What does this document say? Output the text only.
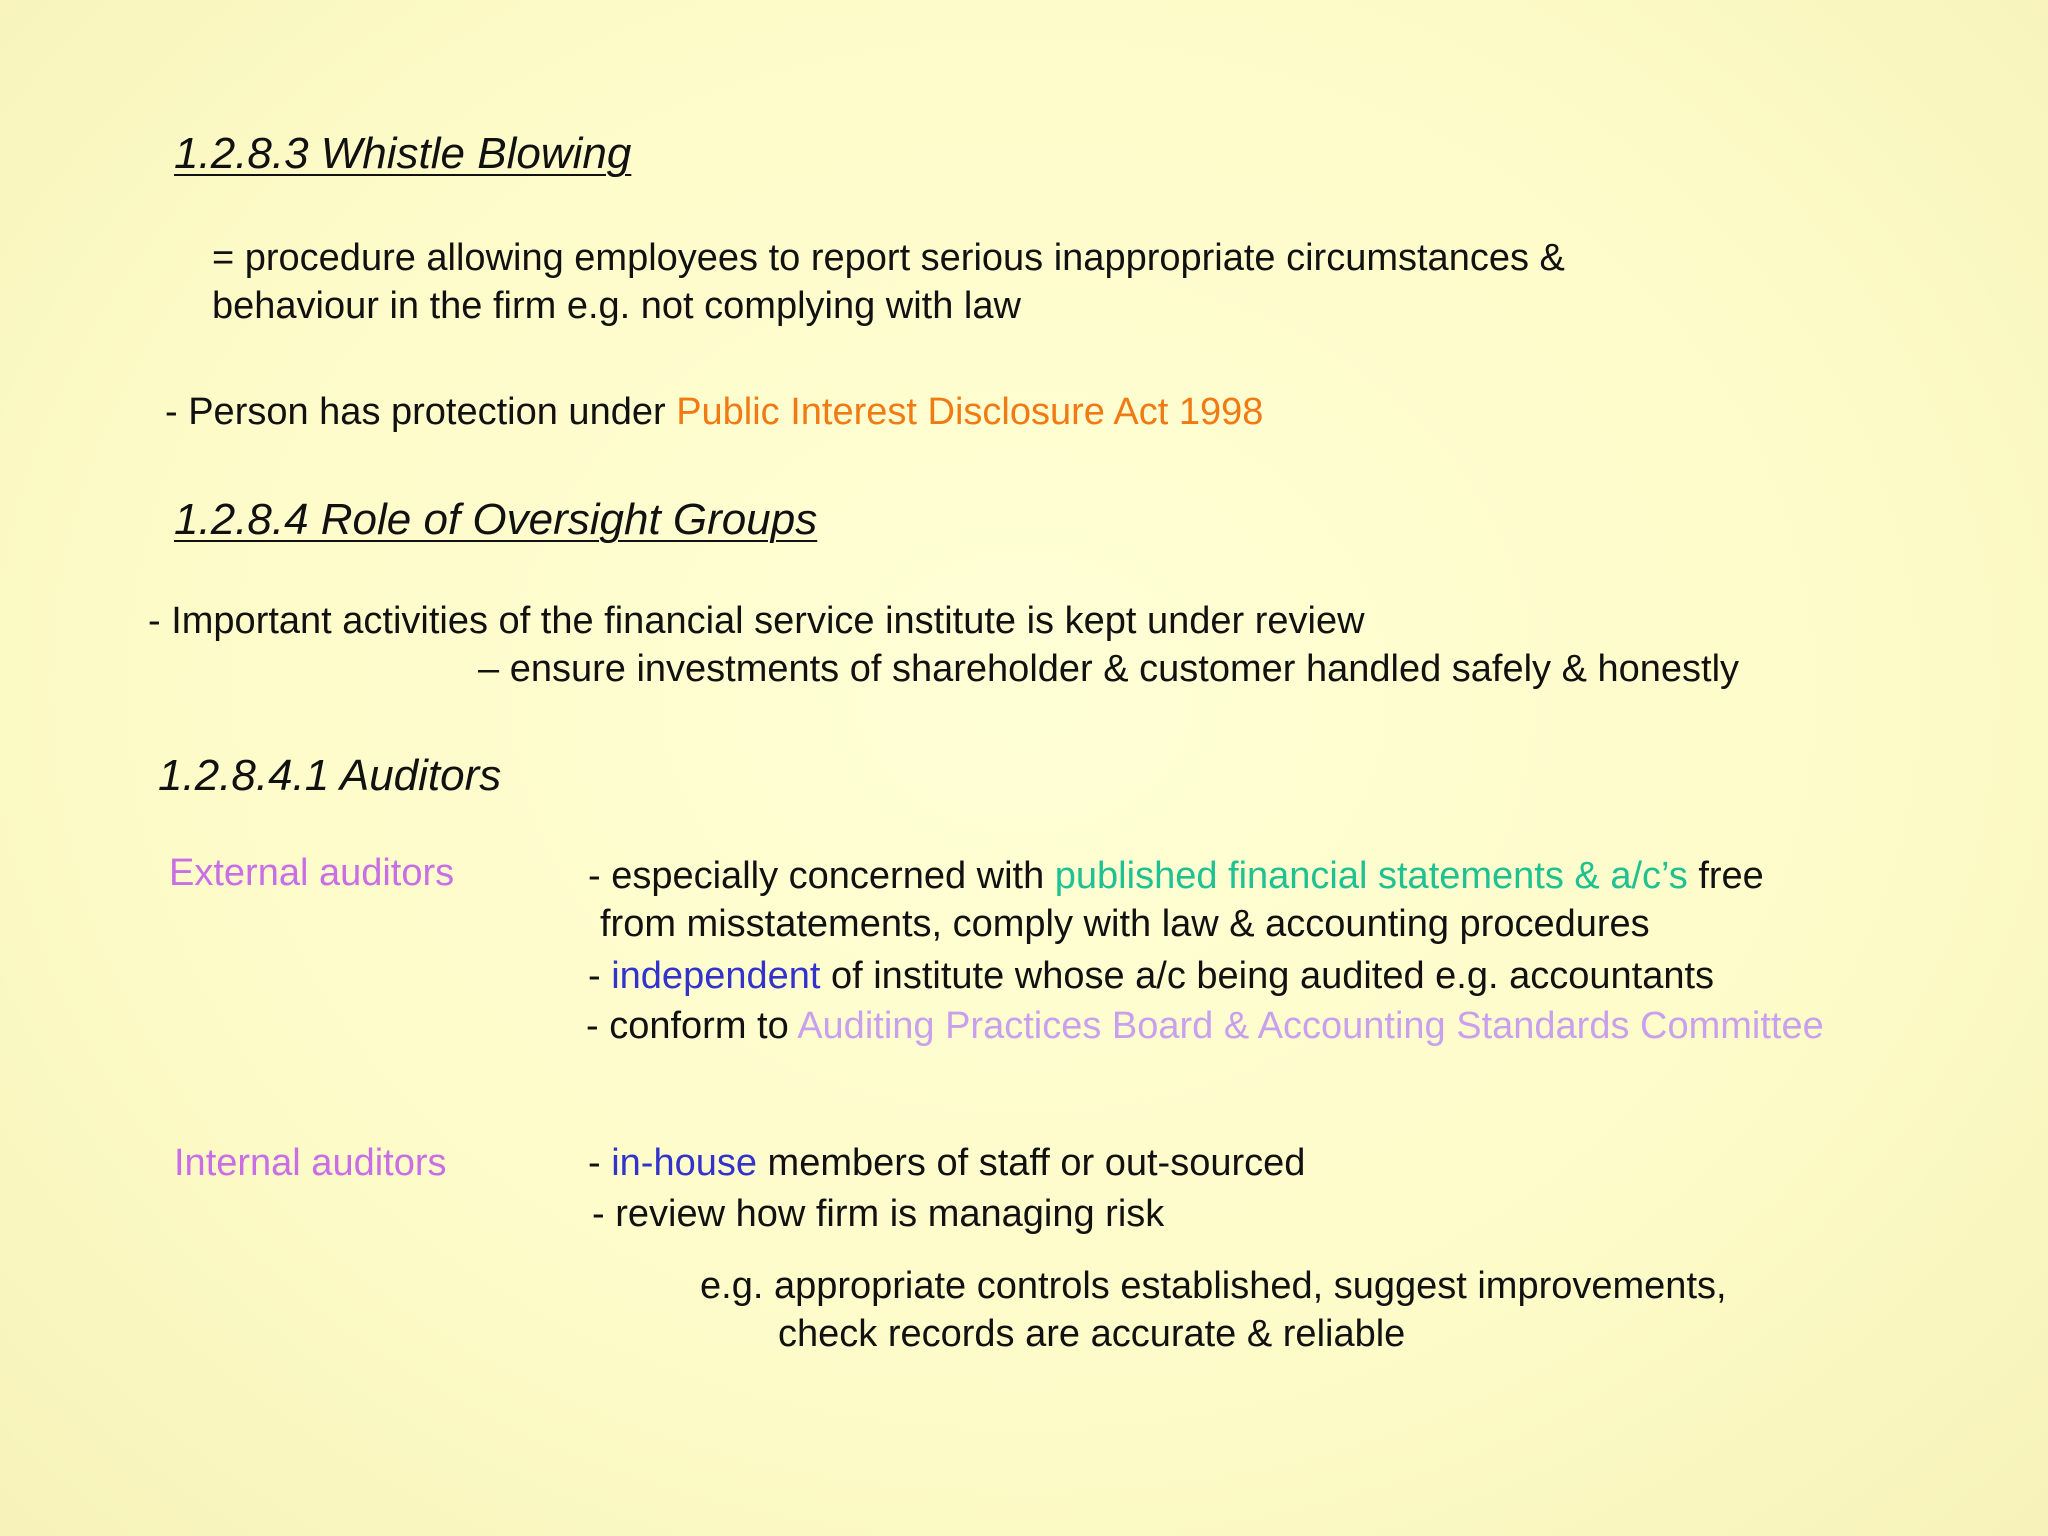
1.2.8.3 Whistle Blowing
= procedure allowing employees to report serious inappropriate circumstances &
behaviour in the firm e.g. not complying with law
- Person has protection under Public Interest Disclosure Act 1998
1.2.8.4 Role of Oversight Groups
- Important activities of the financial service institute is kept under review
– ensure investments of shareholder & customer handled safely & honestly
1.2.8.4.1 Auditors
External auditors	- especially concerned with published financial statements & a/c’s free
from misstatements, comply with law & accounting procedures
- independent of institute whose a/c being audited e.g. accountants
- conform to Auditing Practices Board & Accounting Standards Committee
Internal auditors	- in-house members of staff or out-sourced
- review how firm is managing risk
e.g. appropriate controls established, suggest improvements,
check records are accurate & reliable
